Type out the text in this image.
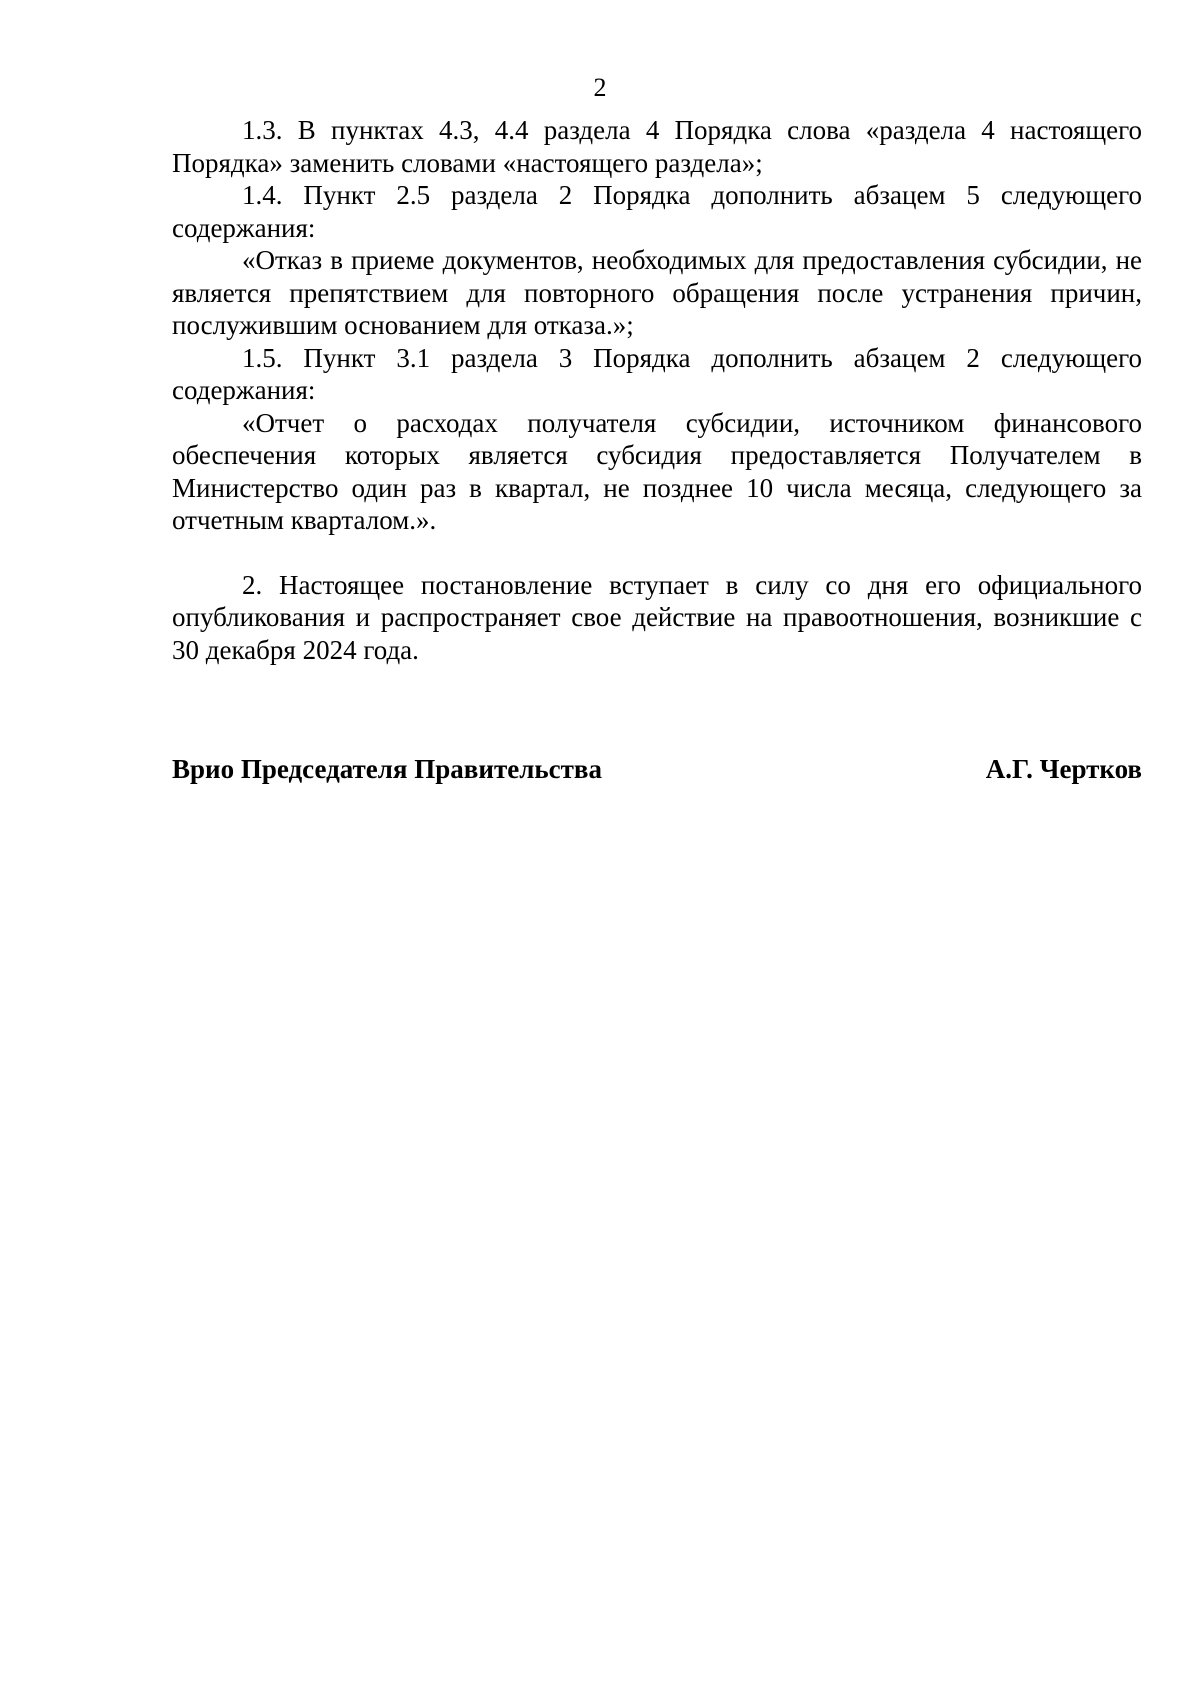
2

1.3. В пунктах 4.3, 4.4 раздела 4 Порядка слова «раздела 4 настоящего Порядка» заменить словами «настоящего раздела»;

1.4. Пункт 2.5 раздела 2 Порядка дополнить абзацем 5 следующего содержания:

«Отказ в приеме документов, необходимых для предоставления субсидии, не является препятствием для повторного обращения после устранения причин, послужившим основанием для отказа.»;

1.5. Пункт 3.1 раздела 3 Порядка дополнить абзацем 2 следующего содержания:

«Отчет о расходах получателя субсидии, источником финансового обеспечения которых является субсидия предоставляется Получателем в Министерство один раз в квартал, не позднее 10 числа месяца, следующего за отчетным кварталом.».

2. Настоящее постановление вступает в силу со дня его официального опубликования и распространяет свое действие на правоотношения, возникшие с 30 декабря 2024 года.

Врио Председателя Правительства	А.Г. Чертков
